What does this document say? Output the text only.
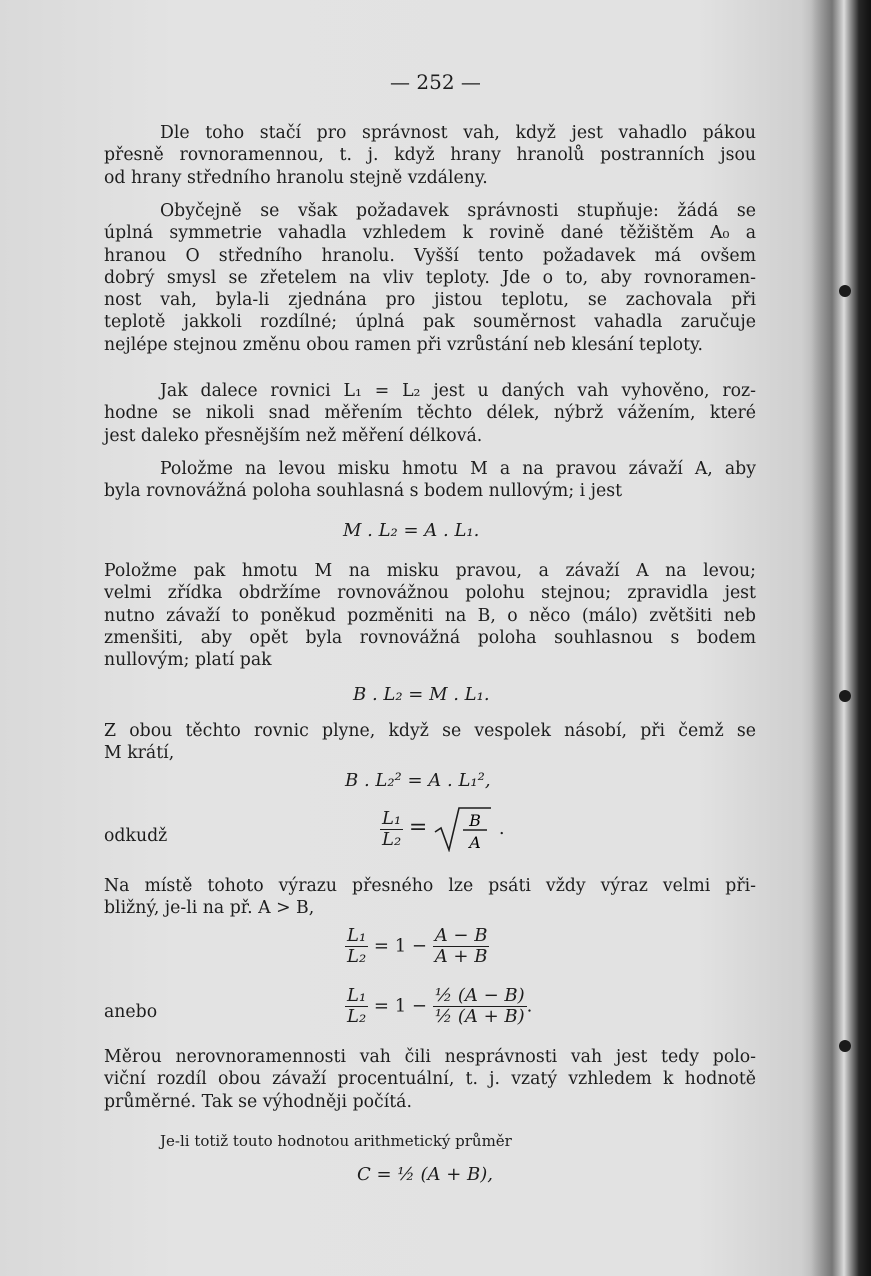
— 252 —
Dle toho stačí pro správnost vah, když jest vahadlo pákou
přesně rovnoramennou, t. j. když hrany hranolů postranních jsou
od hrany středního hranolu stejně vzdáleny.
Obyčejně se však požadavek správnosti stupňuje: žádá se
úplná symmetrie vahadla vzhledem k rovině dané těžištěm A₀ a
hranou O středního hranolu. Vyšší tento požadavek má ovšem
dobrý smysl se zřetelem na vliv teploty. Jde o to, aby rovnoramen-
nost vah, byla-li zjednána pro jistou teplotu, se zachovala při
teplotě jakkoli rozdílné; úplná pak souměrnost vahadla zaručuje
nejlépe stejnou změnu obou ramen při vzrůstání neb klesání teploty.
Jak dalece rovnici L₁ = L₂ jest u daných vah vyhověno, roz-
hodne se nikoli snad měřením těchto délek, nýbrž vážením, které
jest daleko přesnějším než měření délková.
Položme na levou misku hmotu M a na pravou závaží A, aby
byla rovnovážná poloha souhlasná s bodem nullovým; i jest
M . L₂ = A . L₁.
Položme pak hmotu M na misku pravou, a závaží A na levou;
velmi zřídka obdržíme rovnovážnou polohu stejnou; zpravidla jest
nutno závaží to poněkud pozměniti na B, o něco (málo) zvětšiti neb
zmenšiti, aby opět byla rovnovážná poloha souhlasnou s bodem
nullovým; platí pak
B . L₂ = M . L₁.
Z obou těchto rovnic plyne, když se vespolek násobí, při čemž se
M krátí,
B . L₂² = A . L₁²,
odkudž	$\frac{\text{L₁}}{\text{L₂}}$ =	B
A
.
Na místě tohoto výrazu přesného lze psáti vždy výraz velmi při-
bližný, je-li na př. A > B,
$\frac{\text{L₁}}{\text{L₂}} = 1 - \frac{A - B}{A + B}$
anebo	$\frac{\text{L₁}}{\text{L₂}} = 1 - \frac{\text{½ (A − B)}}{\text{½ (A + B)}}$ .
Měrou nerovnoramennosti vah čili nesprávnosti vah jest tedy polo-
viční rozdíl obou závaží procentuální, t. j. vzatý vzhledem k hodnotě
průměrné. Tak se výhodněji počítá.
Je-li totiž touto hodnotou arithmetický průměr
C = ½ (A + B),
